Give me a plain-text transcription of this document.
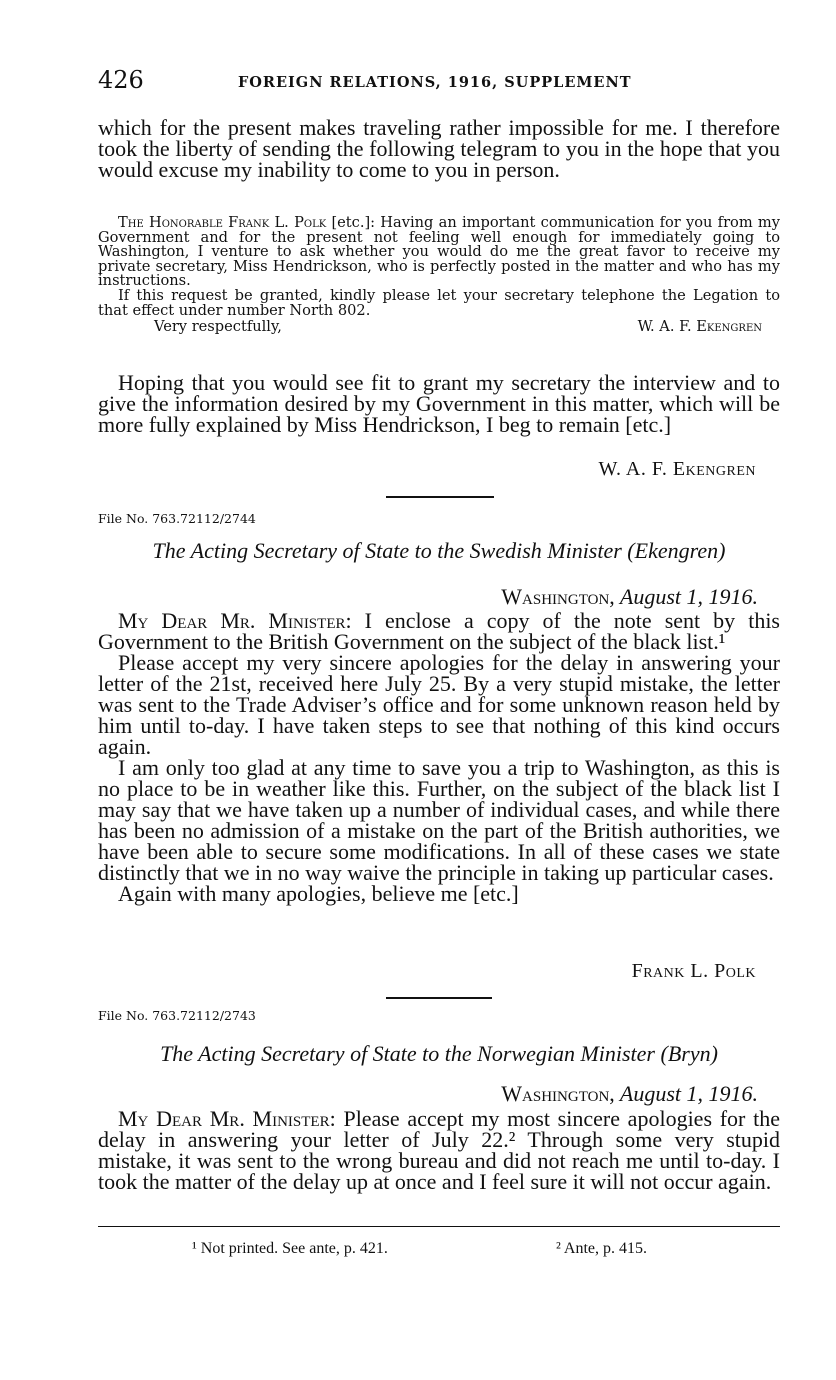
426	FOREIGN RELATIONS, 1916, SUPPLEMENT

which for the present makes traveling rather impossible for me. I therefore took the liberty of sending the following telegram to you in the hope that you would excuse my inability to come to you in person.

The Honorable Frank L. Polk [etc.]: Having an important communication for you from my Government and for the present not feeling well enough for immediately going to Washington, I venture to ask whether you would do me the great favor to receive my private secretary, Miss Hendrickson, who is perfectly posted in the matter and who has my instructions.

If this request be granted, kindly please let your secretary telephone the Legation to that effect under number North 802.

Very respectfully,	W. A. F. Ekengren

Hoping that you would see fit to grant my secretary the interview and to give the information desired by my Government in this matter, which will be more fully explained by Miss Hendrickson, I beg to remain [etc.]

W. A. F. Ekengren
File No. 763.72112/2744
The Acting Secretary of State to the Swedish Minister (Ekengren)
Washington, August 1, 1916.

My Dear Mr. Minister: I enclose a copy of the note sent by this Government to the British Government on the subject of the black list.¹

Please accept my very sincere apologies for the delay in answering your letter of the 21st, received here July 25. By a very stupid mistake, the letter was sent to the Trade Adviser’s office and for some unknown reason held by him until to-day. I have taken steps to see that nothing of this kind occurs again.

I am only too glad at any time to save you a trip to Washington, as this is no place to be in weather like this. Further, on the subject of the black list I may say that we have taken up a number of individual cases, and while there has been no admission of a mistake on the part of the British authorities, we have been able to secure some modifications. In all of these cases we state distinctly that we in no way waive the principle in taking up particular cases.

Again with many apologies, believe me [etc.]

Frank L. Polk
File No. 763.72112/2743
The Acting Secretary of State to the Norwegian Minister (Bryn)
Washington, August 1, 1916.

My Dear Mr. Minister: Please accept my most sincere apologies for the delay in answering your letter of July 22.² Through some very stupid mistake, it was sent to the wrong bureau and did not reach me until to-day. I took the matter of the delay up at once and I feel sure it will not occur again.

¹ Not printed. See ante, p. 421.	² Ante, p. 415.
